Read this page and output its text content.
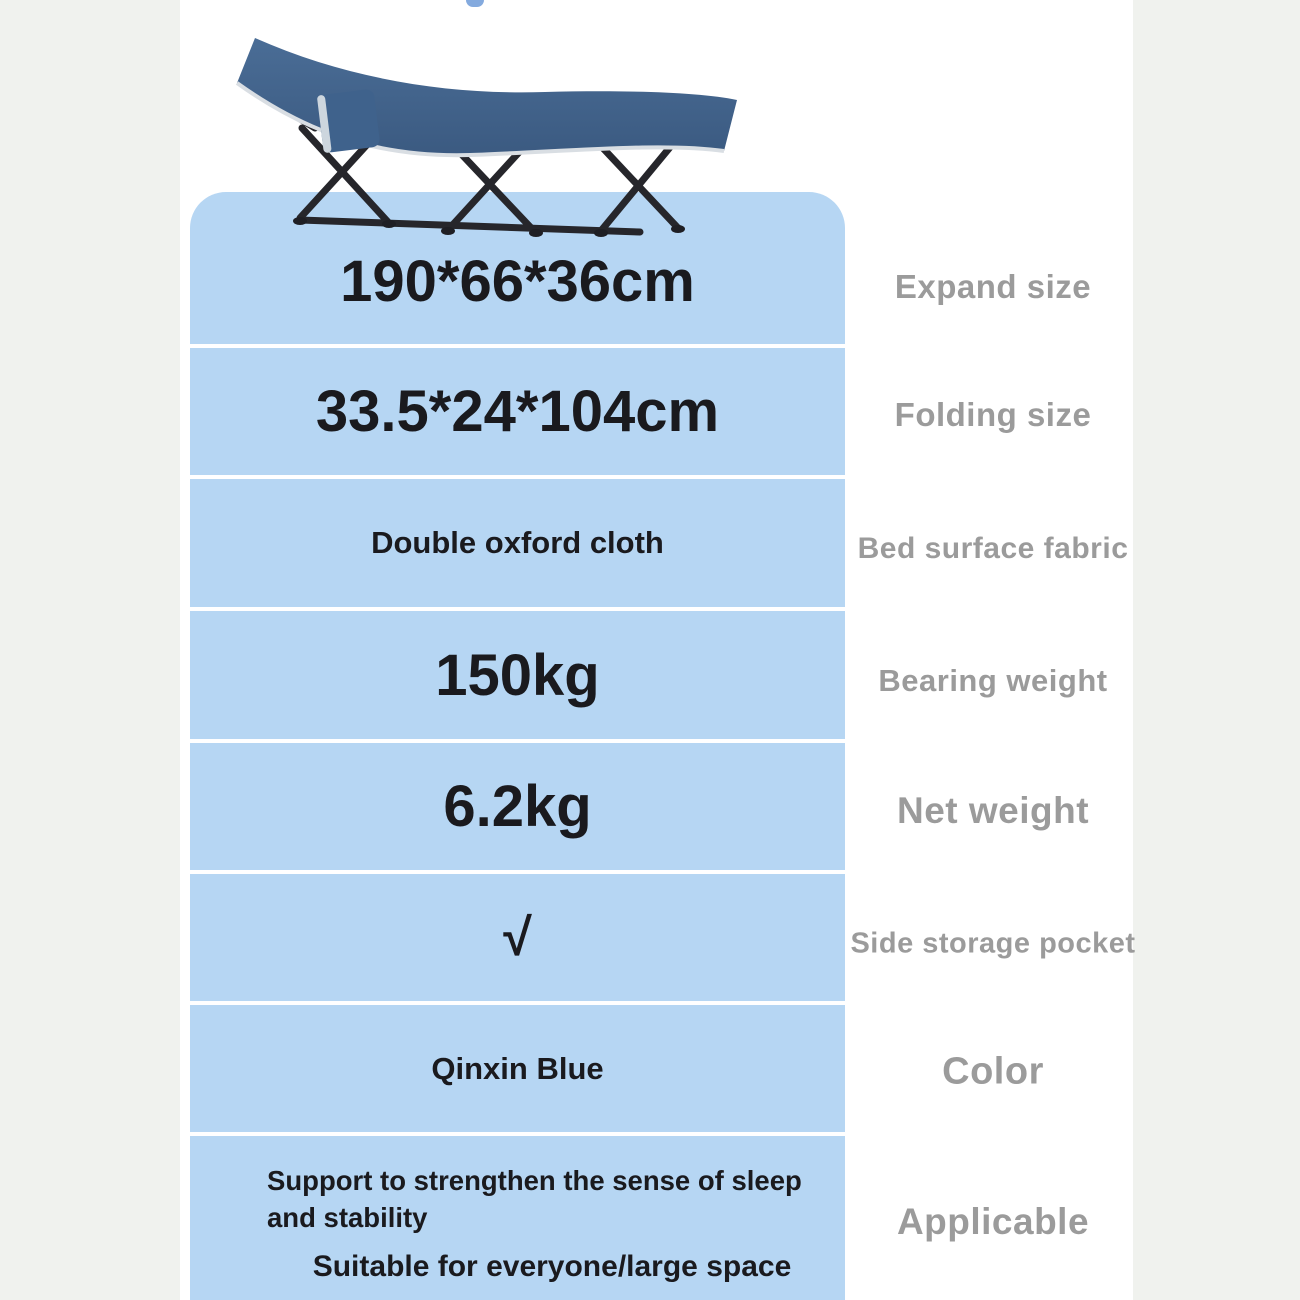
190*66*36cm
33.5*24*104cm
Double oxford cloth
150kg
6.2kg
√
Qinxin Blue
Support to strengthen the sense of sleep and stability
Suitable for everyone/large space
Expand size
Folding size
Bed surface fabric
Bearing weight
Net weight
Side storage pocket
Color
Applicable
